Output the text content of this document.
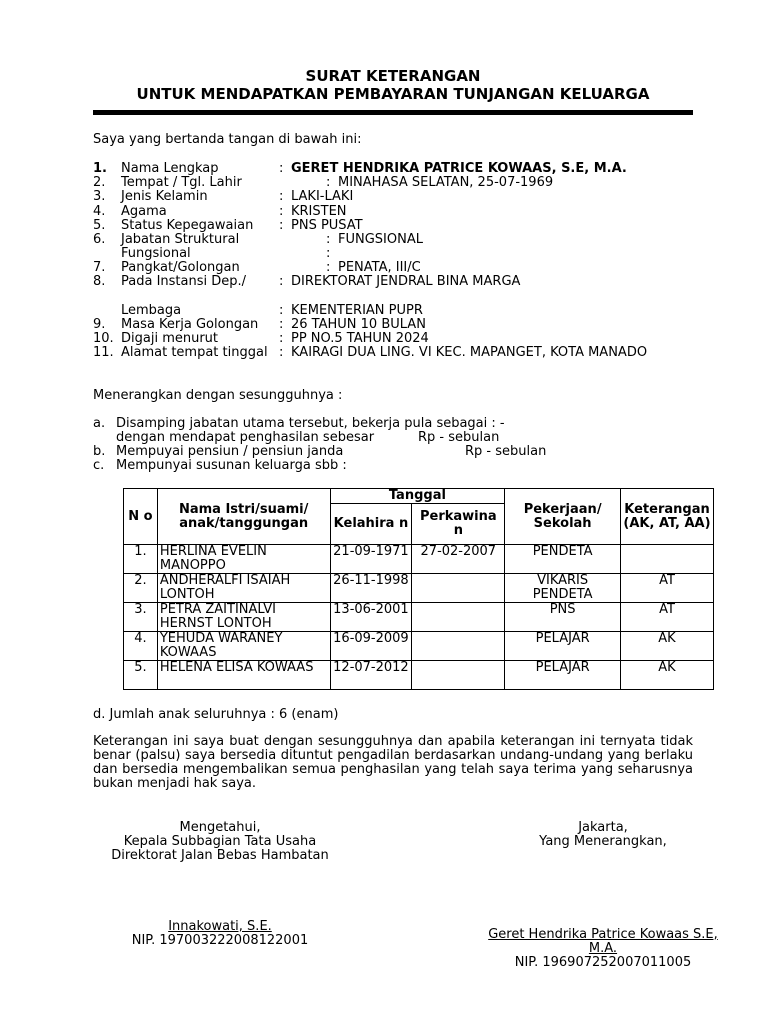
SURAT KETERANGAN
UNTUK MENDAPATKAN PEMBAYARAN TUNJANGAN KELUARGA
Saya yang bertanda tangan di bawah ini:
1. Nama Lengkap	: GERET HENDRIKA PATRICE KOWAAS, S.E, M.A.
2. Tempat / Tgl. Lahir	: MINAHASA SELATAN, 25-07-1969
3. Jenis Kelamin	: LAKI-LAKI
4. Agama	: KRISTEN
5. Status Kepegawaian : PNS PUSAT
6. Jabatan Struktural	: FUNGSIONAL
Fungsional	:
7. Pangkat/Golongan	: PENATA, III/C
8. Pada Instansi Dep./	: DIREKTORAT JENDRAL BINA MARGA
Lembaga	: KEMENTERIAN PUPR
9. Masa Kerja Golongan : 26 TAHUN 10 BULAN
10. Digaji menurut	: PP NO.5 TAHUN 2024
11. Alamat tempat tinggal : KAIRAGI DUA LING. VI KEC. MAPANGET, KOTA MANADO
Menerangkan dengan sesungguhnya :
a. Disamping jabatan utama tersebut, bekerja pula sebagai : -
dengan mendapat penghasilan sebesar	Rp - sebulan
b. Mempuyai pensiun / pensiun janda	Rp - sebulan
c. Mempunyai susunan keluarga sbb :
N o	Nama Istri/suami/ anak/tanggungan	Tanggal		Pekerjaan/ Sekolah	Keterangan (AK, AT, AA)
		Kelahira n	Perkawina n		
1.	HERLINA EVELIN MANOPPO	21-09-1971	27-02-2007	PENDETA	
2.	ANDHERALFI ISAIAH LONTOH	26-11-1998		VIKARIS PENDETA	AT
3.	PETRA ZAITINALVI HERNST LONTOH	13-06-2001		PNS	AT
4.	YEHUDA WARANEY KOWAAS	16-09-2009		PELAJAR	AK
5.	HELENA ELISA KOWAAS	12-07-2012		PELAJAR	AK
d. Jumlah anak seluruhnya : 6 (enam)
Keterangan ini saya buat dengan sesungguhnya dan apabila keterangan ini ternyata tidak benar (palsu) saya bersedia dituntut pengadilan berdasarkan undang-undang yang berlaku dan bersedia mengembalikan semua penghasilan yang telah saya terima yang seharusnya bukan menjadi hak saya.
Mengetahui,
Kepala Subbagian Tata Usaha
Direktorat Jalan Bebas Hambatan
Innakowati, S.E.
NIP. 197003222008122001
Jakarta,
Yang Menerangkan,
Geret Hendrika Patrice Kowaas S.E,
M.A.
NIP. 196907252007011005
